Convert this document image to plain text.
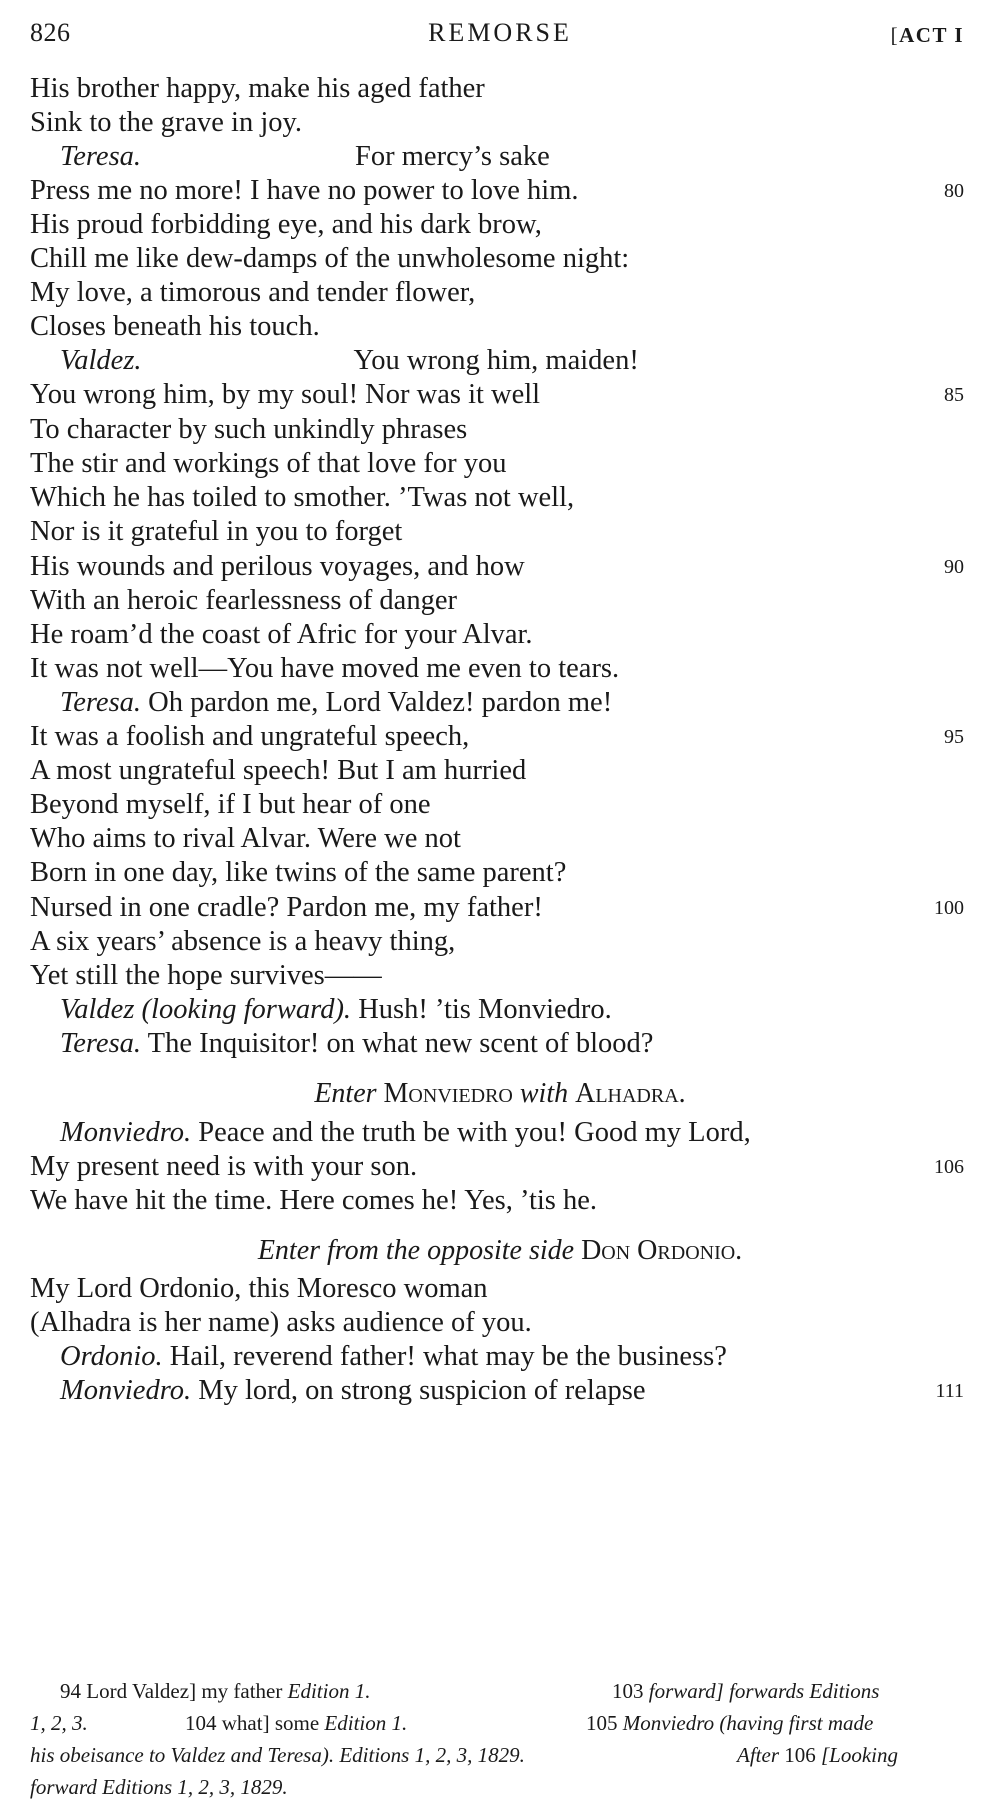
826	REMORSE	[ACT I
His brother happy, make his aged father
Sink to the grave in joy.
Teresa.	For mercy’s sake
Press me no more! I have no power to love him.	80
His proud forbidding eye, and his dark brow,
Chill me like dew-damps of the unwholesome night:
My love, a timorous and tender flower,
Closes beneath his touch.
Valdez.	You wrong him, maiden!
You wrong him, by my soul! Nor was it well	85
To character by such unkindly phrases
The stir and workings of that love for you
Which he has toiled to smother. ’Twas not well,
Nor is it grateful in you to forget
His wounds and perilous voyages, and how	90
With an heroic fearlessness of danger
He roam’d the coast of Afric for your Alvar.
It was not well—You have moved me even to tears.
Teresa. Oh pardon me, Lord Valdez! pardon me!
It was a foolish and ungrateful speech,	95
A most ungrateful speech! But I am hurried
Beyond myself, if I but hear of one
Who aims to rival Alvar. Were we not
Born in one day, like twins of the same parent?
Nursed in one cradle? Pardon me, my father!	100
A six years’ absence is a heavy thing,
Yet still the hope survives——
Valdez (looking forward). Hush! ’tis Monviedro.
Teresa. The Inquisitor! on what new scent of blood?
Enter Monviedro with Alhadra.
Monviedro. Peace and the truth be with you! Good my Lord,
My present need is with your son.	106
We have hit the time. Here comes he! Yes, ’tis he.
Enter from the opposite side Don Ordonio.
My Lord Ordonio, this Moresco woman
(Alhadra is her name) asks audience of you.
Ordonio. Hail, reverend father! what may be the business?
Monviedro. My lord, on strong suspicion of relapse	111
94 Lord Valdez] my father Edition 1.	103 forward] forwards Editions
1, 2, 3.	104 what] some Edition 1.	105 Monviedro (having first made
his obeisance to Valdez and Teresa). Editions 1, 2, 3, 1829.	After 106 [Looking
forward Editions 1, 2, 3, 1829.
